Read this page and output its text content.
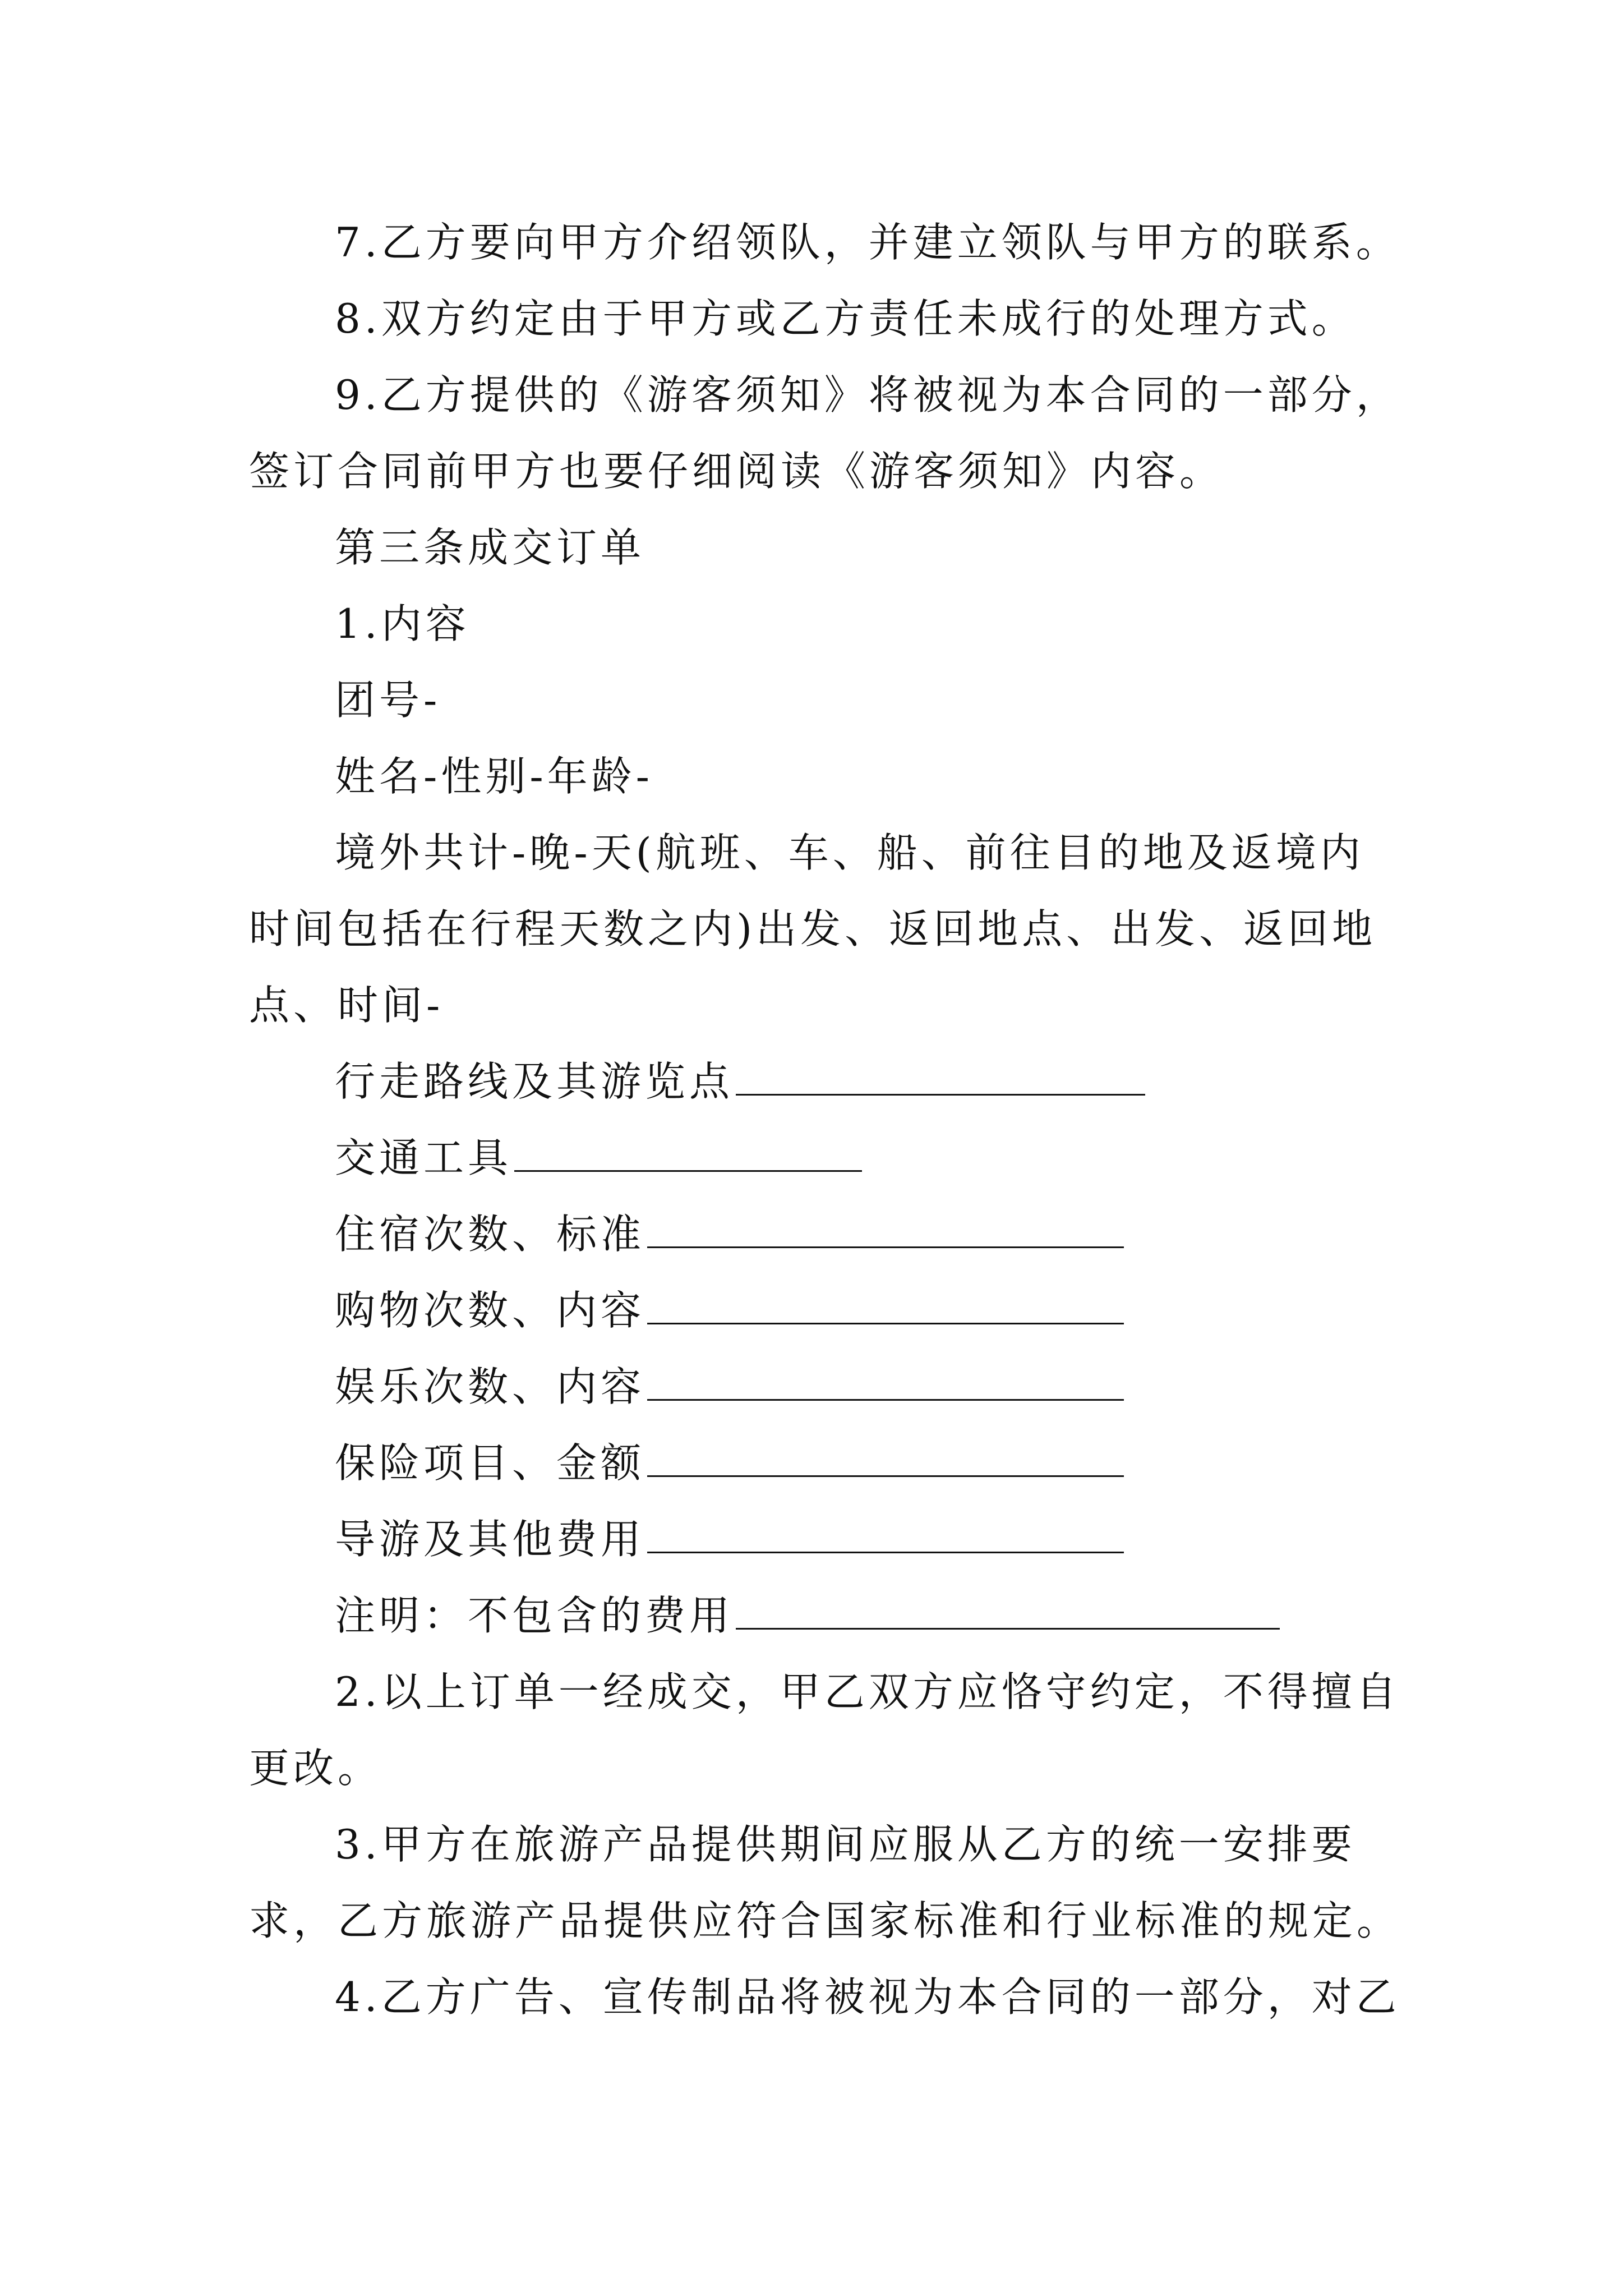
7.乙方要向甲方介绍领队，并建立领队与甲方的联系。
8.双方约定由于甲方或乙方责任未成行的处理方式。
9.乙方提供的《游客须知》将被视为本合同的一部分，
签订合同前甲方也要仔细阅读《游客须知》内容。
第三条成交订单
1.内容
团号-
姓名-性别-年龄-
境外共计-晚-天(航班、车、船、前往目的地及返境内
时间包括在行程天数之内)出发、返回地点、出发、返回地
点、时间-
行走路线及其游览点
交通工具
住宿次数、标准
购物次数、内容
娱乐次数、内容
保险项目、金额
导游及其他费用
注明：不包含的费用
2.以上订单一经成交，甲乙双方应恪守约定，不得擅自
更改。
3.甲方在旅游产品提供期间应服从乙方的统一安排要
求，乙方旅游产品提供应符合国家标准和行业标准的规定。
4.乙方广告、宣传制品将被视为本合同的一部分，对乙
